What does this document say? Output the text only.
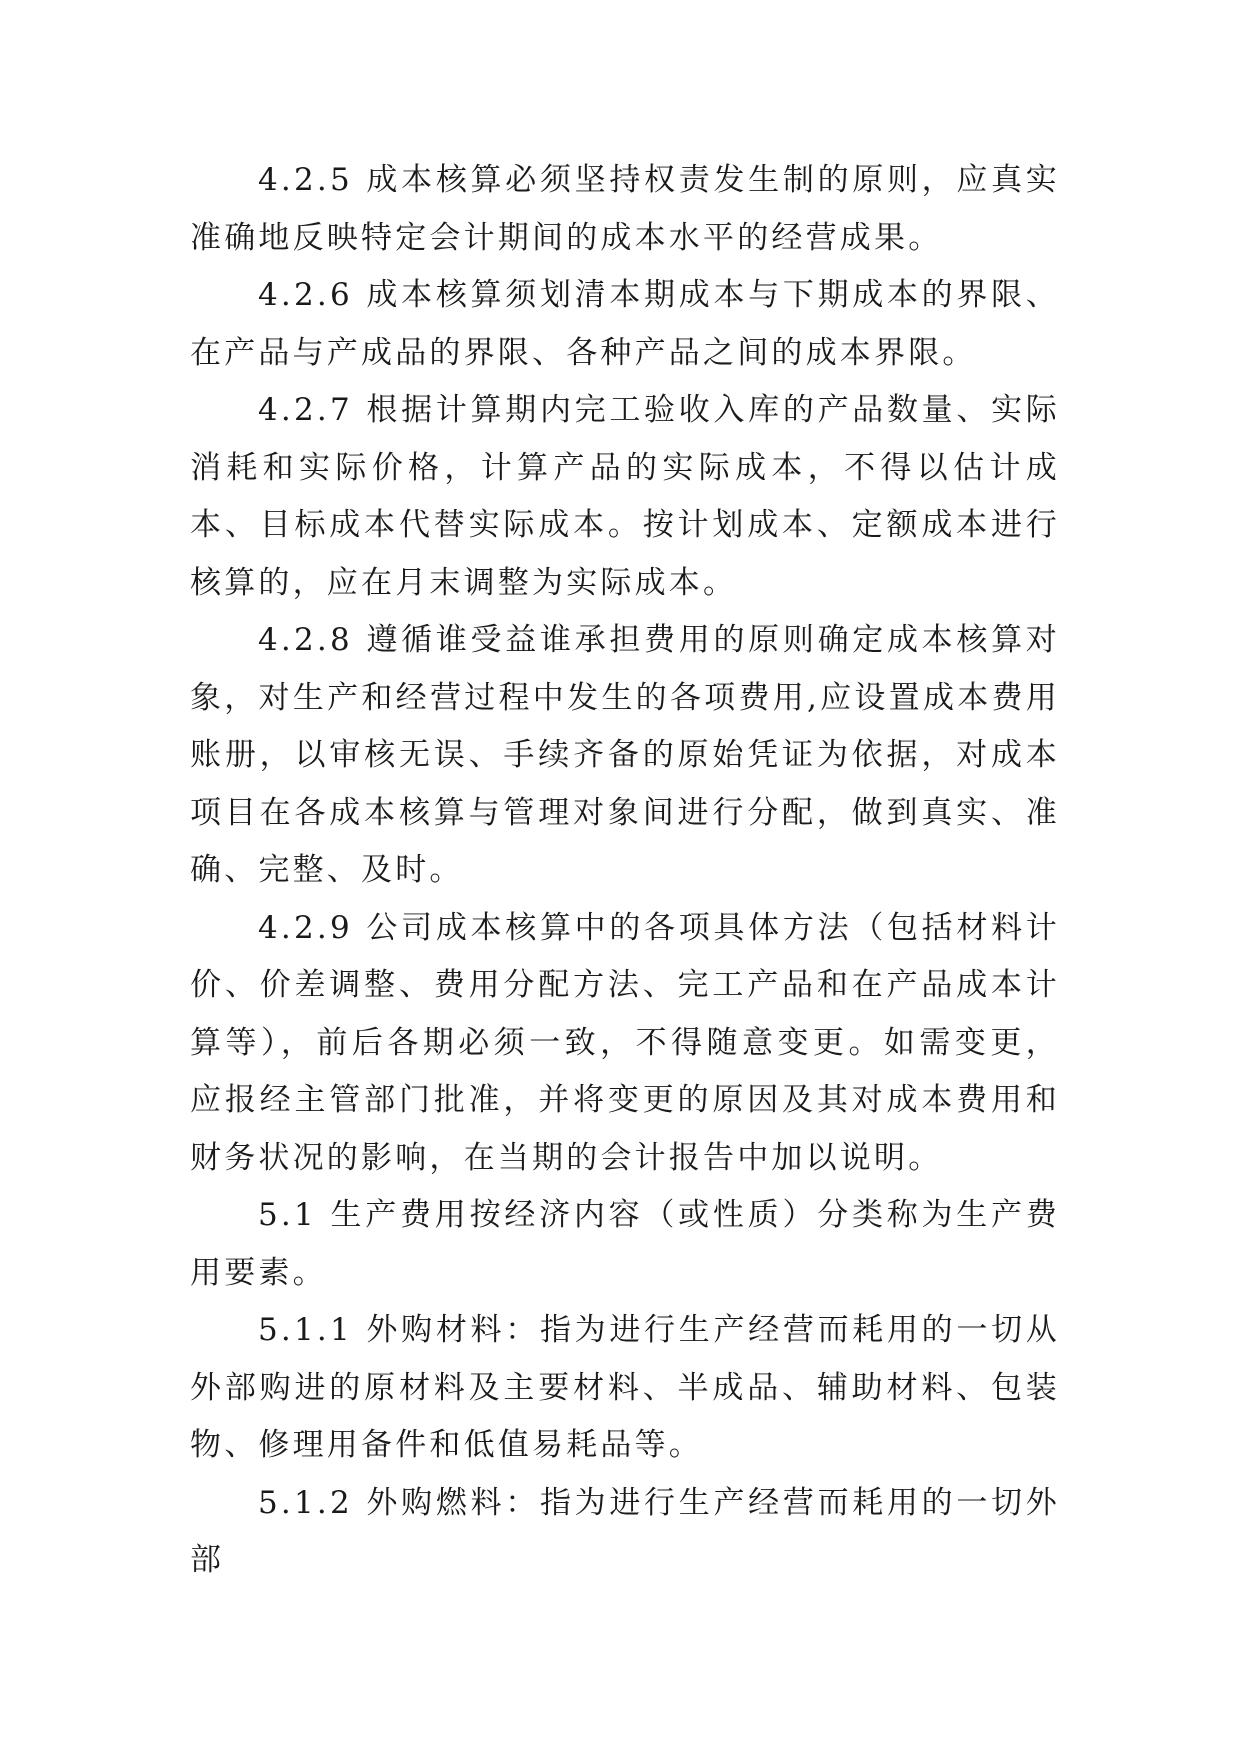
4.2.5 成本核算必须坚持权责发生制的原则，应真实准确地反映特定会计期间的成本水平的经营成果。

4.2.6 成本核算须划清本期成本与下期成本的界限、在产品与产成品的界限、各种产品之间的成本界限。

4.2.7 根据计算期内完工验收入库的产品数量、实际消耗和实际价格，计算产品的实际成本，不得以估计成本、目标成本代替实际成本。按计划成本、定额成本进行核算的，应在月末调整为实际成本。

4.2.8 遵循谁受益谁承担费用的原则确定成本核算对象，对生产和经营过程中发生的各项费用,应设置成本费用账册，以审核无误、手续齐备的原始凭证为依据，对成本项目在各成本核算与管理对象间进行分配，做到真实、准确、完整、及时。

4.2.9 公司成本核算中的各项具体方法（包括材料计价、价差调整、费用分配方法、完工产品和在产品成本计算等），前后各期必须一致，不得随意变更。如需变更，应报经主管部门批准，并将变更的原因及其对成本费用和财务状况的影响，在当期的会计报告中加以说明。

5.1 生产费用按经济内容（或性质）分类称为生产费用要素。

5.1.1 外购材料：指为进行生产经营而耗用的一切从外部购进的原材料及主要材料、半成品、辅助材料、包装物、修理用备件和低值易耗品等。

5.1.2 外购燃料：指为进行生产经营而耗用的一切外部
